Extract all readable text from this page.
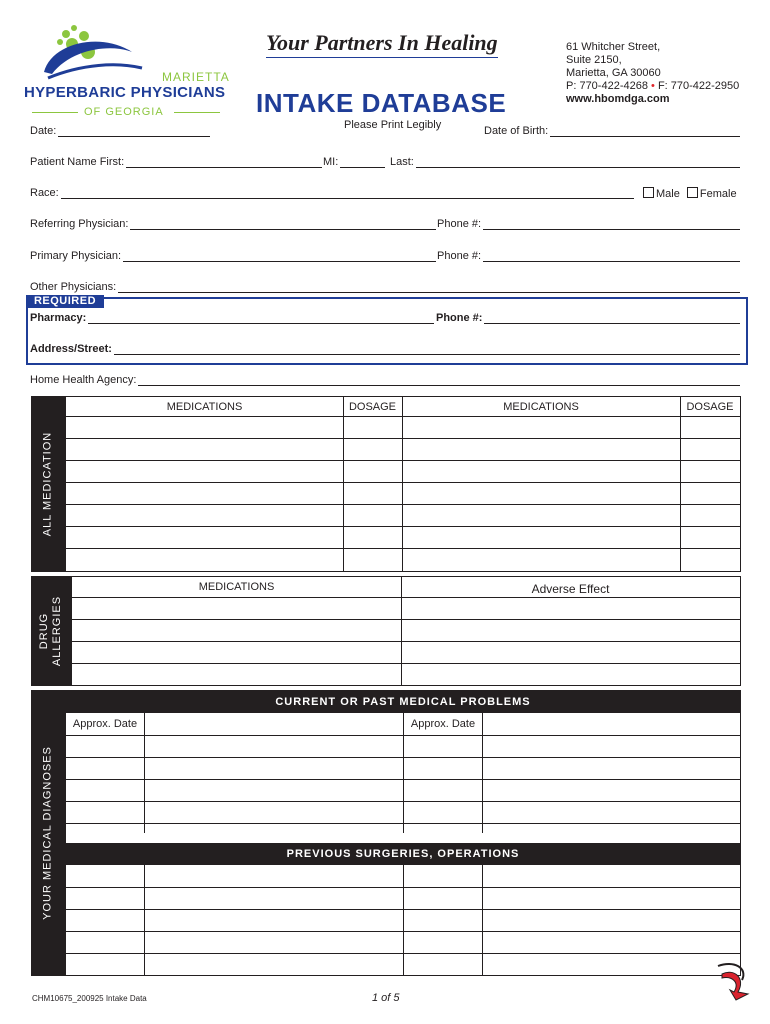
MARIETTA
HYPERBARIC PHYSICIANS
OF GEORGIA
Your Partners In Healing
INTAKE DATABASE
Please Print Legibly
61 Whitcher Street,
Suite 2150,
Marietta, GA 30060
P: 770-422-4268 • F: 770-422-2950
www.hbomdga.com
Date:	Date of Birth:
Patient Name First:	MI:	Last:
Race:	Male Female
Referring Physician:	Phone #:
Primary Physician:	Phone #:
Other Physicians:
REQUIRED
Pharmacy:	Phone #:
Address/Street:
Home Health Agency:
ALL MEDICATION
MEDICATIONS	DOSAGE	MEDICATIONS	DOSAGE
DRUG ALLERGIES
MEDICATIONS	Adverse Effect
YOUR MEDICAL DIAGNOSES
CURRENT OR PAST MEDICAL PROBLEMS
Approx. Date	Approx. Date
PREVIOUS SURGERIES, OPERATIONS
CHM10675_200925 Intake Data	1 of 5
